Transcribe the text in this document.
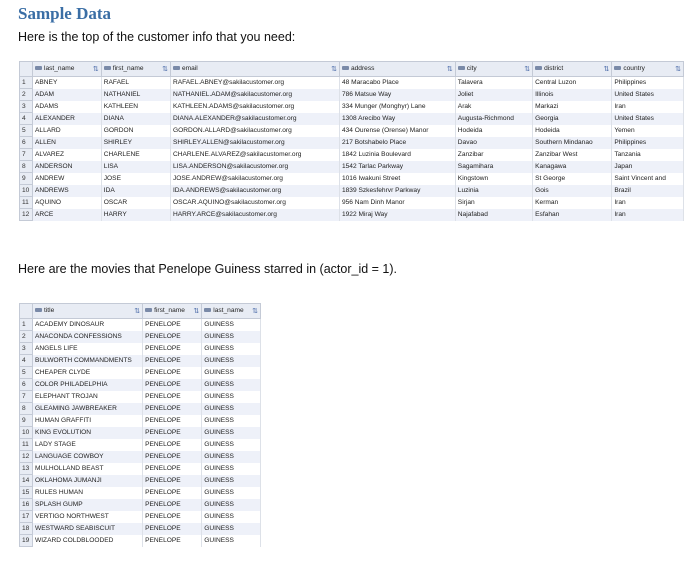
Sample Data
Here is the top of the customer info that you need:
	last_name ⇅	first_name ⇅	email ⇅	address ⇅	city ⇅	district ⇅	country ⇅

1	ABNEY	RAFAEL	RAFAEL.ABNEY@sakilacustomer.org	48 Maracabo Place	Talavera	Central Luzon	Philippines
2	ADAM	NATHANIEL	NATHANIEL.ADAM@sakilacustomer.org	786 Matsue Way	Joliet	Illinois	United States
3	ADAMS	KATHLEEN	KATHLEEN.ADAMS@sakilacustomer.org	334 Munger (Monghyr) Lane	Arak	Markazi	Iran
4	ALEXANDER	DIANA	DIANA.ALEXANDER@sakilacustomer.org	1308 Arecibo Way	Augusta-Richmond	Georgia	United States
5	ALLARD	GORDON	GORDON.ALLARD@sakilacustomer.org	434 Ourense (Orense) Manor	Hodeida	Hodeida	Yemen
6	ALLEN	SHIRLEY	SHIRLEY.ALLEN@sakilacustomer.org	217 Botshabelo Place	Davao	Southern Mindanao	Philippines
7	ALVAREZ	CHARLENE	CHARLENE.ALVAREZ@sakilacustomer.org	1842 Luzinia Boulevard	Zanzibar	Zanzibar West	Tanzania
8	ANDERSON	LISA	LISA.ANDERSON@sakilacustomer.org	1542 Tarlac Parkway	Sagamihara	Kanagawa	Japan
9	ANDREW	JOSE	JOSE.ANDREW@sakilacustomer.org	1016 Iwakuni Street	Kingstown	St George	Saint Vincent and
10	ANDREWS	IDA	IDA.ANDREWS@sakilacustomer.org	1839 Szkesfehrvr Parkway	Luzinia	Gois	Brazil
11	AQUINO	OSCAR	OSCAR.AQUINO@sakilacustomer.org	956 Nam Dinh Manor	Sirjan	Kerman	Iran
12	ARCE	HARRY	HARRY.ARCE@sakilacustomer.org	1922 Miraj Way	Najafabad	Esfahan	Iran

Here are the movies that Penelope Guiness starred in (actor_id = 1).
	title ⇅	first_name ⇅	last_name ⇅

1	ACADEMY DINOSAUR	PENELOPE	GUINESS
2	ANACONDA CONFESSIONS	PENELOPE	GUINESS
3	ANGELS LIFE	PENELOPE	GUINESS
4	BULWORTH COMMANDMENTS	PENELOPE	GUINESS
5	CHEAPER CLYDE	PENELOPE	GUINESS
6	COLOR PHILADELPHIA	PENELOPE	GUINESS
7	ELEPHANT TROJAN	PENELOPE	GUINESS
8	GLEAMING JAWBREAKER	PENELOPE	GUINESS
9	HUMAN GRAFFITI	PENELOPE	GUINESS
10	KING EVOLUTION	PENELOPE	GUINESS
11	LADY STAGE	PENELOPE	GUINESS
12	LANGUAGE COWBOY	PENELOPE	GUINESS
13	MULHOLLAND BEAST	PENELOPE	GUINESS
14	OKLAHOMA JUMANJI	PENELOPE	GUINESS
15	RULES HUMAN	PENELOPE	GUINESS
16	SPLASH GUMP	PENELOPE	GUINESS
17	VERTIGO NORTHWEST	PENELOPE	GUINESS
18	WESTWARD SEABISCUIT	PENELOPE	GUINESS
19	WIZARD COLDBLOODED	PENELOPE	GUINESS
